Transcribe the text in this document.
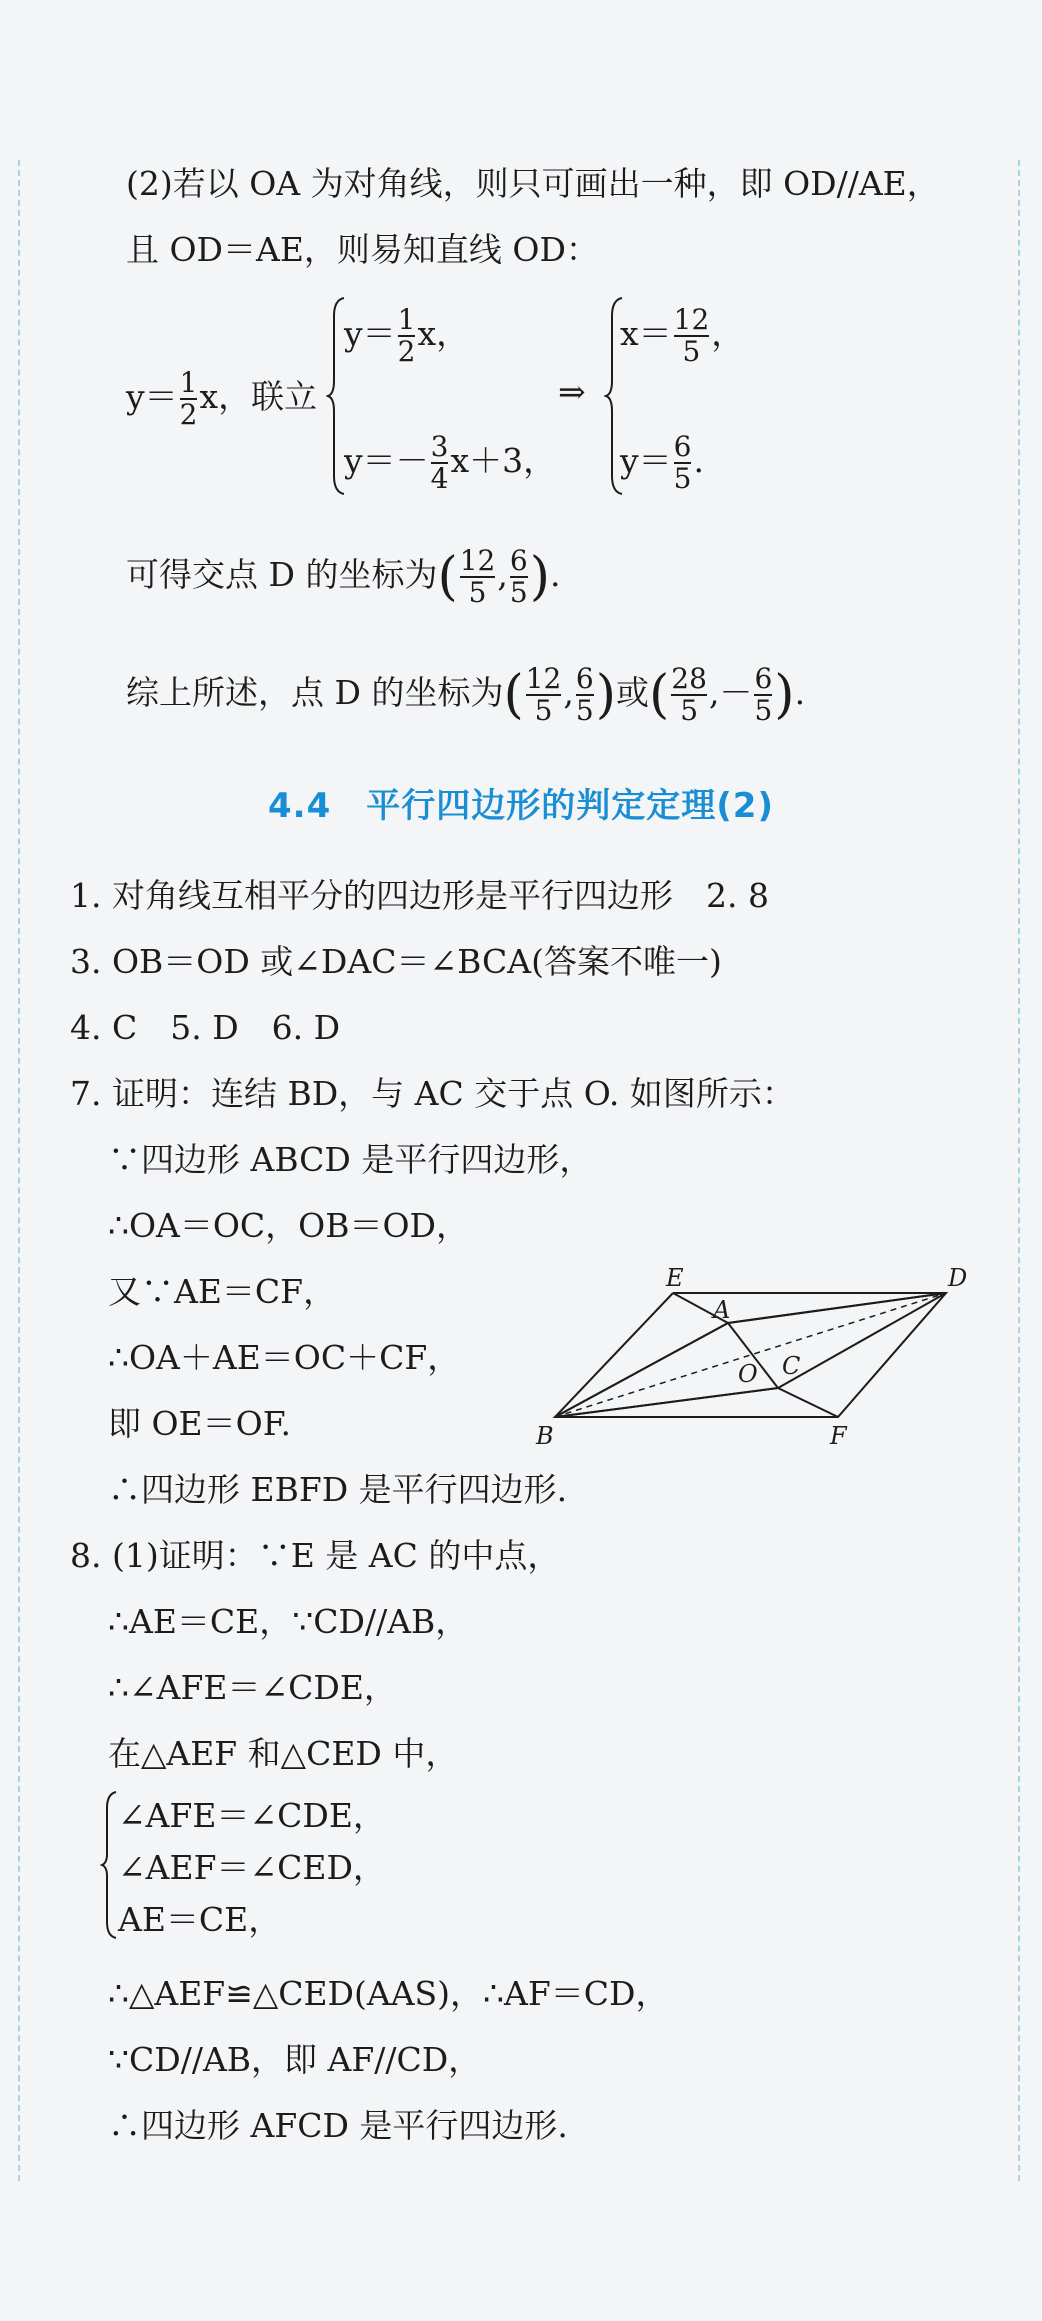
(2)若以 OA 为对角线，则只可画出一种，即 OD//AE，
且 OD＝AE，则易知直线 OD：
$y= \frac{1}{2}$ x，联立
$y= \frac{1}{2}$ x，
$y=- \frac{3}{4} x+3$，
⇒
$x= \frac{12}{5}$ ，
$y= \frac{6}{5}$ .
可得交点 D 的坐标为( $\frac{12}{5}$ , $\frac{6}{5}$ ).
综上所述，点 D 的坐标为( $\frac{12}{5}$ , $\frac{6}{5}$ )或( $\frac{28}{5}$ ,－ $\frac{6}{5}$ ).
4.4　平行四边形的判定定理(2)
1. 对角线互相平分的四边形是平行四边形　2. 8
3. OB＝OD 或∠DAC＝∠BCA(答案不唯一)
4. C　5. D　6. D
7. 证明：连结 BD，与 AC 交于点 O. 如图所示：
∵四边形 ABCD 是平行四边形，
∴OA＝OC，OB＝OD，
又∵AE＝CF，
∴OA＋AE＝OC＋CF，
即 OE＝OF.
∴四边形 EBFD 是平行四边形.
E	D
A
O C
B	F
8. (1)证明：∵E 是 AC 的中点，
∴AE＝CE，∵CD//AB，
∴∠AFE＝∠CDE，
在△AEF 和△CED 中，
∠AFE＝∠CDE，
∠AEF＝∠CED，
AE＝CE，
∴△AEF≌△CED(AAS)，∴AF＝CD，
∵CD//AB，即 AF//CD，
∴四边形 AFCD 是平行四边形.
